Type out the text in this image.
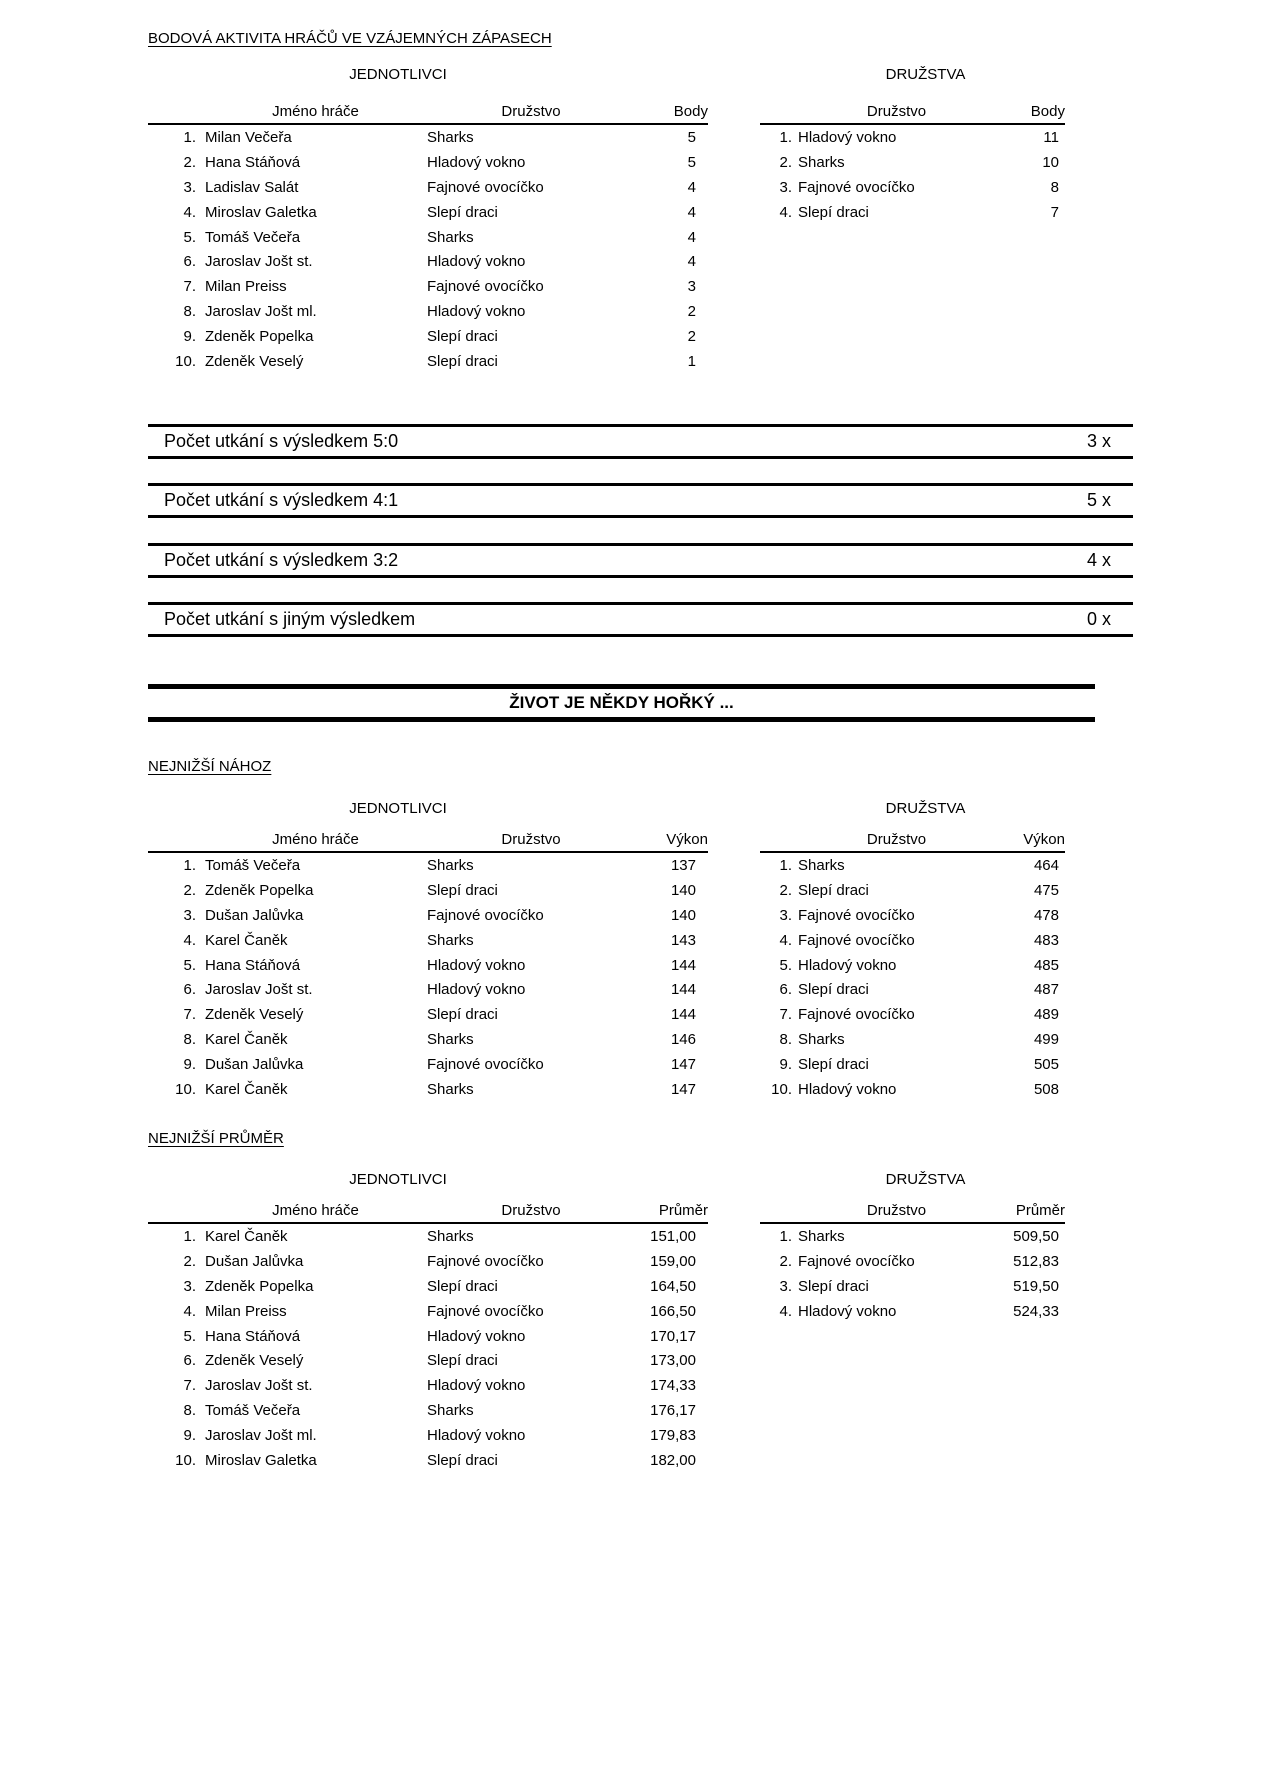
BODOVÁ AKTIVITA HRÁČŮ VE VZÁJEMNÝCH ZÁPASECH
JEDNOTLIVCI	DRUŽSTVA
Jméno hráče	Družstvo	Body
1. Milan Večeřa	Sharks	5
2. Hana Stáňová	Hladový vokno	5
3. Ladislav Salát	Fajnové ovocíčko	4
4. Miroslav Galetka	Slepí draci	4
5. Tomáš Večeřa	Sharks	4
6. Jaroslav Jošt st.	Hladový vokno	4
7. Milan Preiss	Fajnové ovocíčko	3
8. Jaroslav Jošt ml.	Hladový vokno	2
9. Zdeněk Popelka	Slepí draci	2
10. Zdeněk Veselý	Slepí draci	1
Družstvo	Body
1. Hladový vokno	11
2. Sharks	10
3. Fajnové ovocíčko	8
4. Slepí draci	7
Počet utkání s výsledkem 5:0	3 x
Počet utkání s výsledkem 4:1	5 x
Počet utkání s výsledkem 3:2	4 x
Počet utkání s jiným výsledkem	0 x
ŽIVOT JE NĚKDY HOŘKÝ ...
NEJNIŽŠÍ NÁHOZ
JEDNOTLIVCI	DRUŽSTVA
Jméno hráče	Družstvo	Výkon
1. Tomáš Večeřa	Sharks	137
2. Zdeněk Popelka	Slepí draci	140
3. Dušan Jalůvka	Fajnové ovocíčko	140
4. Karel Čaněk	Sharks	143
5. Hana Stáňová	Hladový vokno	144
6. Jaroslav Jošt st.	Hladový vokno	144
7. Zdeněk Veselý	Slepí draci	144
8. Karel Čaněk	Sharks	146
9. Dušan Jalůvka	Fajnové ovocíčko	147
10. Karel Čaněk	Sharks	147
Družstvo	Výkon
1. Sharks	464
2. Slepí draci	475
3. Fajnové ovocíčko	478
4. Fajnové ovocíčko	483
5. Hladový vokno	485
6. Slepí draci	487
7. Fajnové ovocíčko	489
8. Sharks	499
9. Slepí draci	505
10. Hladový vokno	508
NEJNIŽŠÍ PRŮMĚR
JEDNOTLIVCI	DRUŽSTVA
Jméno hráče	Družstvo	Průměr
1. Karel Čaněk	Sharks	151,00
2. Dušan Jalůvka	Fajnové ovocíčko	159,00
3. Zdeněk Popelka	Slepí draci	164,50
4. Milan Preiss	Fajnové ovocíčko	166,50
5. Hana Stáňová	Hladový vokno	170,17
6. Zdeněk Veselý	Slepí draci	173,00
7. Jaroslav Jošt st.	Hladový vokno	174,33
8. Tomáš Večeřa	Sharks	176,17
9. Jaroslav Jošt ml.	Hladový vokno	179,83
10. Miroslav Galetka	Slepí draci	182,00
Družstvo	Průměr
1. Sharks	509,50
2. Fajnové ovocíčko	512,83
3. Slepí draci	519,50
4. Hladový vokno	524,33
